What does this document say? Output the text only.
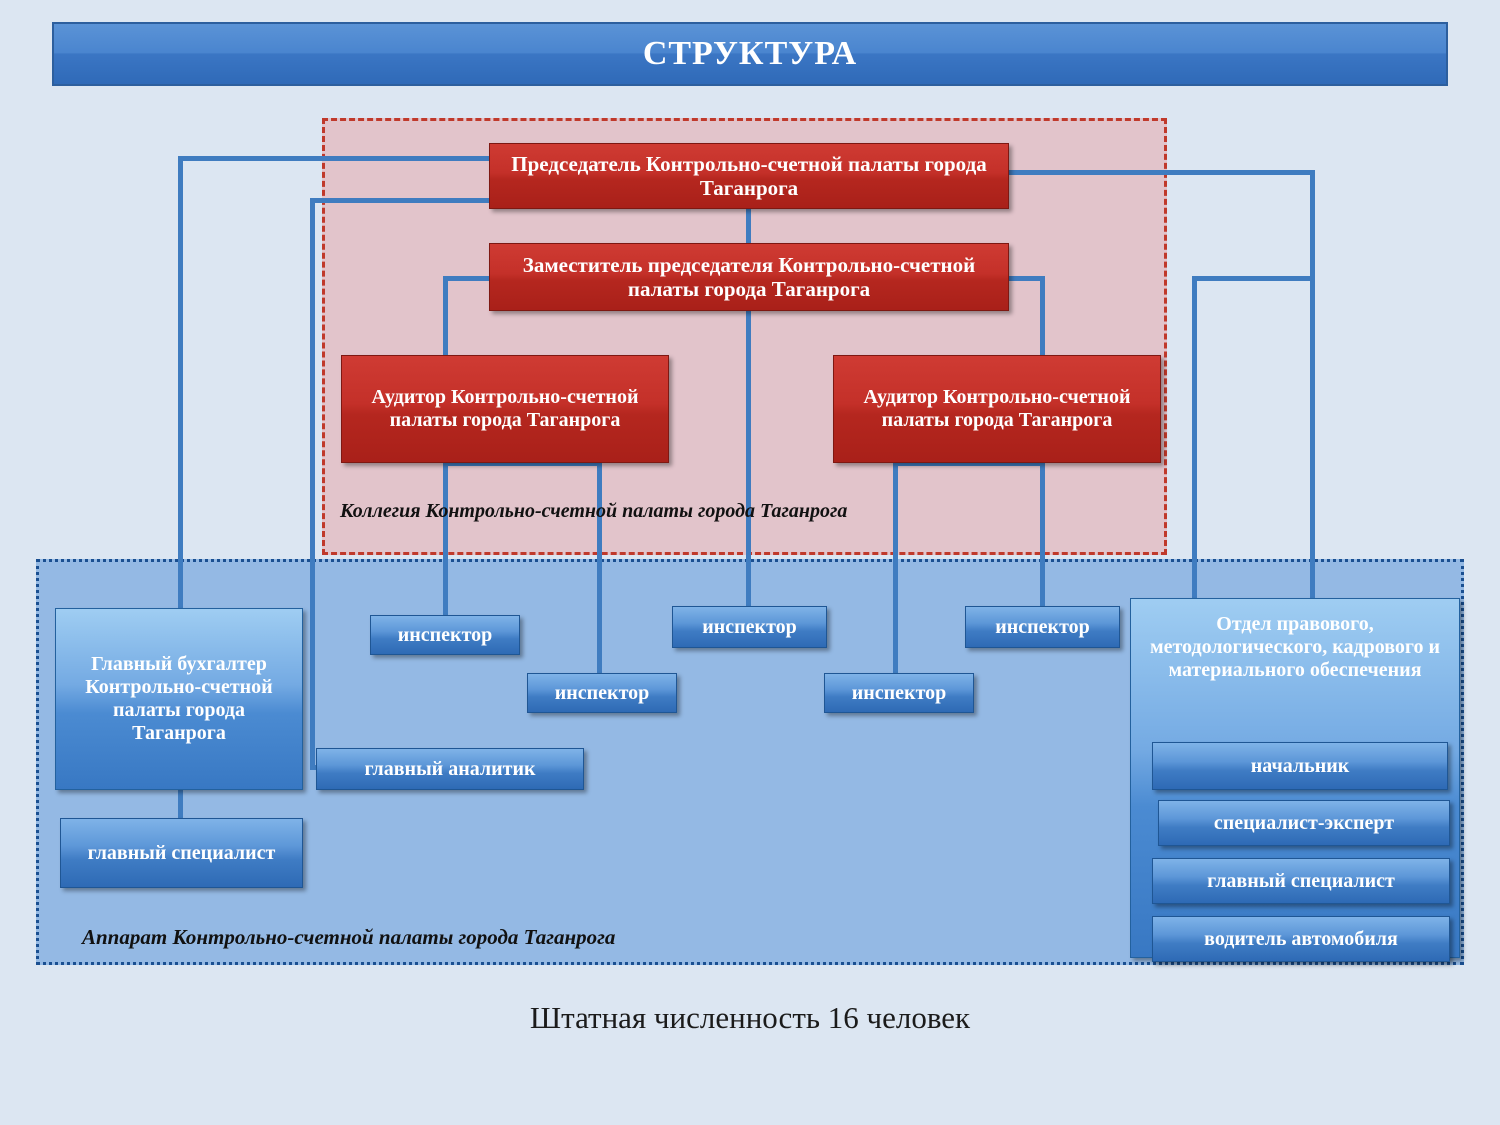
СТРУКТУРА
Председатель Контрольно-счетной палаты города Таганрога
Заместитель председателя Контрольно-счетной палаты города Таганрога
Аудитор Контрольно-счетной палаты города Таганрога
Аудитор Контрольно-счетной палаты города Таганрога
Коллегия Контрольно-счетной палаты города Таганрога
Главный бухгалтер Контрольно-счетной палаты города Таганрога
главный специалист
главный аналитик
инспектор
инспектор
инспектор
инспектор
инспектор	Отдел правового, методологического, кадрового и материального обеспечения
начальник
специалист-эксперт
главный специалист
водитель автомобиля
Аппарат Контрольно-счетной палаты города Таганрога
Штатная численность 16 человек
